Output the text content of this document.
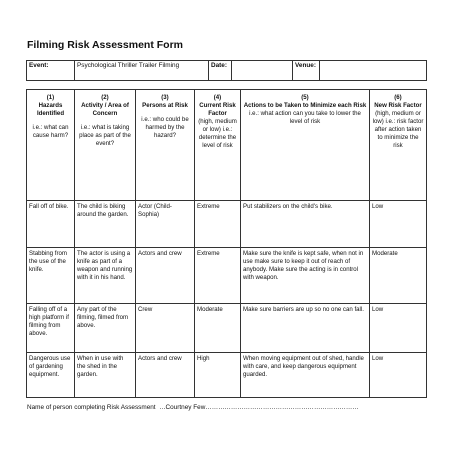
Filming Risk Assessment Form
Event:	Psychological Thriller Trailer Filming	Date:		Venue:	
(1)
Hazards Identified
i.e.: what can cause harm?	(2)
Activity / Area of Concern
i.e.: what is taking place as part of the event?	(3)
Persons at Risk
i.e.: who could be harmed by the hazard?	(4)
Current Risk Factor
(high, medium or low) i.e.: determine the level of risk	(5)
Actions to be Taken to Minimize each Risk
i.e.: what action can you take to lower the level of risk	(6)
New Risk Factor
(high, medium or low) i.e.: risk factor after action taken to minimize the risk

Fall off of bike.	The child is biking around the garden.	Actor (Child-Sophia)	Extreme	Put stabilizers on the child's bike.	Low
Stabbing from the use of the knife.	The actor is using a knife as part of a weapon and running with it in his hand.	Actors and crew	Extreme	Make sure the knife is kept safe, when not in use make sure to keep it out of reach of anybody. Make sure the acting is in control with weapon.	Moderate
Falling off of a high platform if filming from above.	Any part of the filming, filmed from above.	Crew	Moderate	Make sure barriers are up so no one can fall.	Low
Dangerous use of gardening equipment.	When in use with the shed in the garden.	Actors and crew	High	When moving equipment out of shed, handle with care, and keep dangerous equipment guarded.	Low
Name of person completing Risk Assessment …Courtney Few………………………………………………………………
